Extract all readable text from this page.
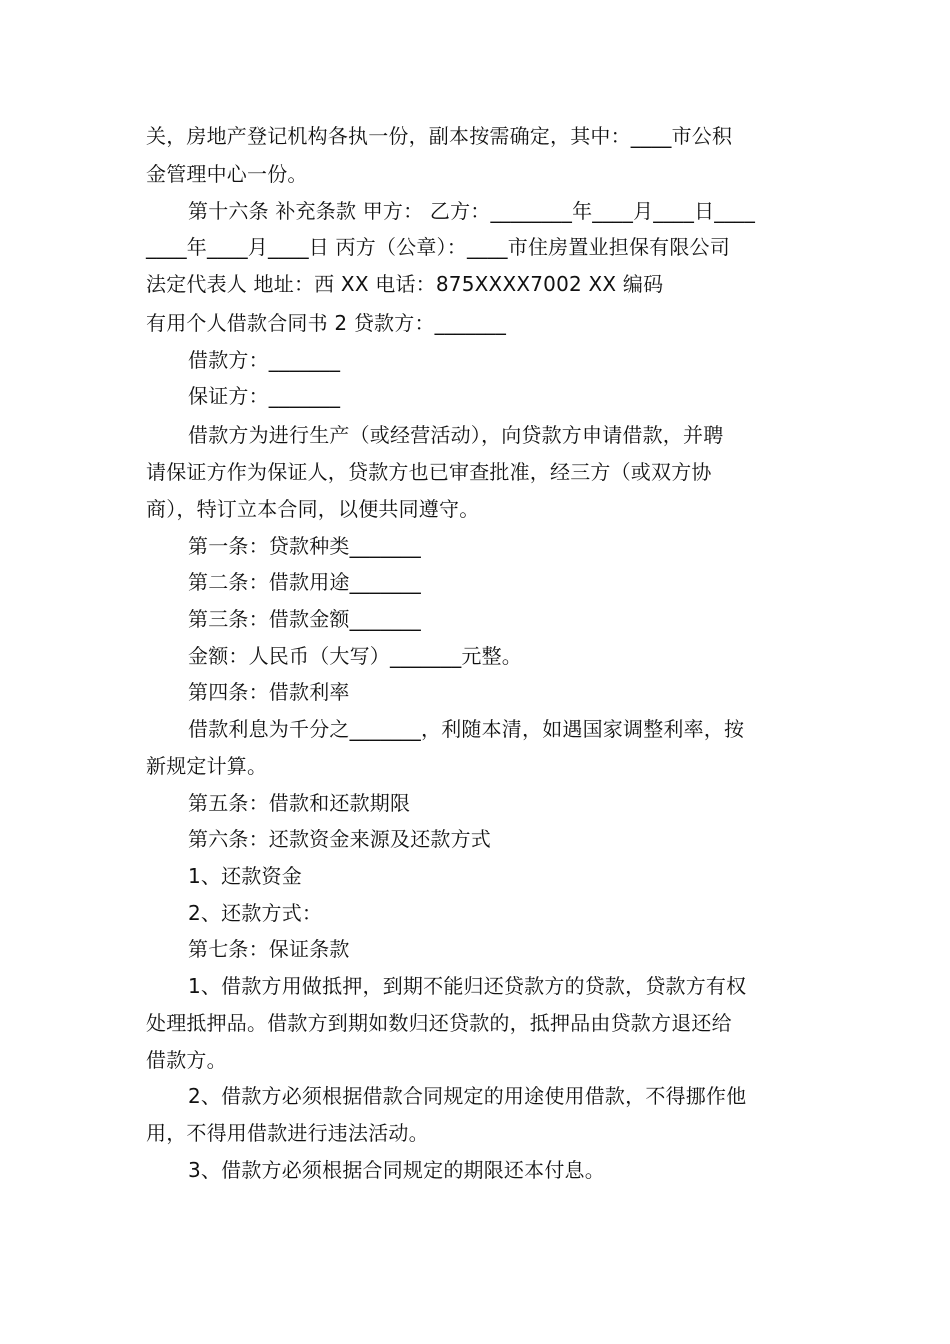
关，房地产登记机构各执一份，副本按需确定，其中：____市公积
金管理中心一份。
第十六条 补充条款 甲方： 乙方：________年____月____日____
____年____月____日 丙方（公章）：____市住房置业担保有限公司
法定代表人 地址：西 XX 电话：875XXXX7002 XX 编码
有用个人借款合同书 2 贷款方：_______
借款方：_______
保证方：_______
借款方为进行生产（或经营活动），向贷款方申请借款，并聘
请保证方作为保证人，贷款方也已审查批准，经三方（或双方协
商），特订立本合同，以便共同遵守。
第一条：贷款种类_______
第二条：借款用途_______
第三条：借款金额_______
金额：人民币（大写）_______元整。
第四条：借款利率
借款利息为千分之_______，利随本清，如遇国家调整利率，按
新规定计算。
第五条：借款和还款期限
第六条：还款资金来源及还款方式
1、还款资金
2、还款方式：
第七条：保证条款
1、借款方用做抵押，到期不能归还贷款方的贷款，贷款方有权
处理抵押品。借款方到期如数归还贷款的，抵押品由贷款方退还给
借款方。
2、借款方必须根据借款合同规定的用途使用借款，不得挪作他
用，不得用借款进行违法活动。
3、借款方必须根据合同规定的期限还本付息。
